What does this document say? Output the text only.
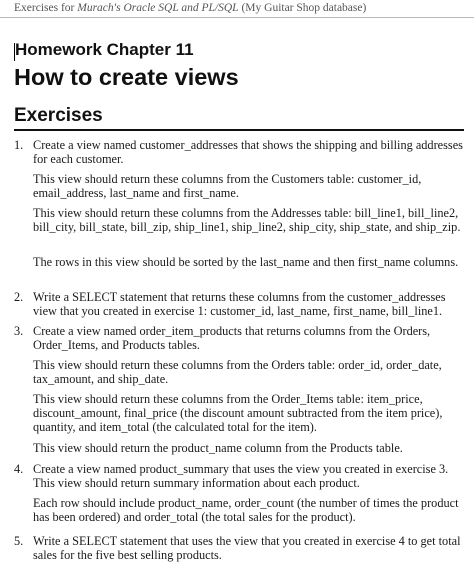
Exercises for Murach's Oracle SQL and PL/SQL (My Guitar Shop database)
Homework Chapter 11
How to create views
Exercises
1. Create a view named customer_addresses that shows the shipping and billing addresses for each customer.
This view should return these columns from the Customers table: customer_id, email_address, last_name and first_name.
This view should return these columns from the Addresses table: bill_line1, bill_line2, bill_city, bill_state, bill_zip, ship_line1, ship_line2, ship_city, ship_state, and ship_zip.
The rows in this view should be sorted by the last_name and then first_name columns.
2. Write a SELECT statement that returns these columns from the customer_addresses view that you created in exercise 1: customer_id, last_name, first_name, bill_line1.
3. Create a view named order_item_products that returns columns from the Orders, Order_Items, and Products tables.
This view should return these columns from the Orders table: order_id, order_date, tax_amount, and ship_date.
This view should return these columns from the Order_Items table: item_price, discount_amount, final_price (the discount amount subtracted from the item price), quantity, and item_total (the calculated total for the item).
This view should return the product_name column from the Products table.
4. Create a view named product_summary that uses the view you created in exercise 3. This view should return summary information about each product.
Each row should include product_name, order_count (the number of times the product has been ordered) and order_total (the total sales for the product).
5. Write a SELECT statement that uses the view that you created in exercise 4 to get total sales for the five best selling products.
